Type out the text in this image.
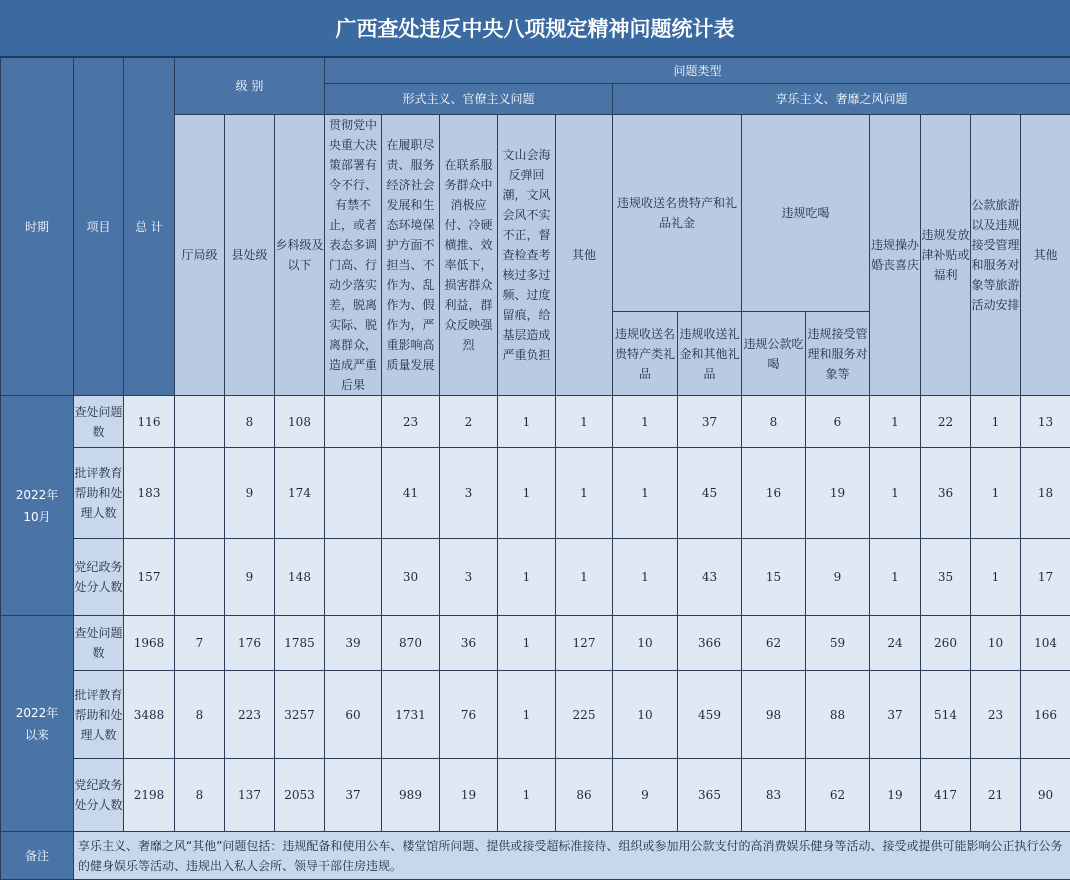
广西查处违反中央八项规定精神问题统计表
时期	项目	总 计	级 别			问题类型												
						形式主义、官僚主义问题					享乐主义、奢靡之风问题							
			厅局级	县处级	乡科级及以下	贯彻党中央重大决策部署有令不行、有禁不止，或者表态多调门高、行动少落实差，脱离实际、脱离群众，造成严重后果	在履职尽责、服务经济社会发展和生态环境保护方面不担当、不作为、乱作为、假作为，严重影响高质量发展	在联系服务群众中消极应付、冷硬横推、效率低下，损害群众利益，群众反映强烈	文山会海反弹回潮，文风会风不实不正，督查检查考核过多过频、过度留痕，给基层造成严重负担	其他	违规收送名贵特产和礼品礼金		违规吃喝		违规操办婚丧喜庆	违规发放津补贴或福利	公款旅游以及违规接受管理和服务对象等旅游活动安排	其他
											违规收送名贵特产类礼品	违规收送礼金和其他礼品	违规公款吃喝	违规接受管理和服务对象等				

2022年
10月	查处问题数	116		8	108		23	2	1	1	1	37	8	6	1	22	1	13
	批评教育帮助和处理人数	183		9	174		41	3	1	1	1	45	16	19	1	36	1	18
	党纪政务处分人数	157		9	148		30	3	1	1	1	43	15	9	1	35	1	17
2022年
以来	查处问题数	1968	7	176	1785	39	870	36	1	127	10	366	62	59	24	260	10	104
	批评教育帮助和处理人数	3488	8	223	3257	60	1731	76	1	225	10	459	98	88	37	514	23	166
	党纪政务处分人数	2198	8	137	2053	37	989	19	1	86	9	365	83	62	19	417	21	90
备注	享乐主义、奢靡之风“其他”问题包括：违规配备和使用公车、楼堂馆所问题、提供或接受超标准接待、组织或参加用公款支付的高消费娱乐健身等活动、接受或提供可能影响公正执行公务的健身娱乐等活动、违规出入私人会所、领导干部住房违规。																	
